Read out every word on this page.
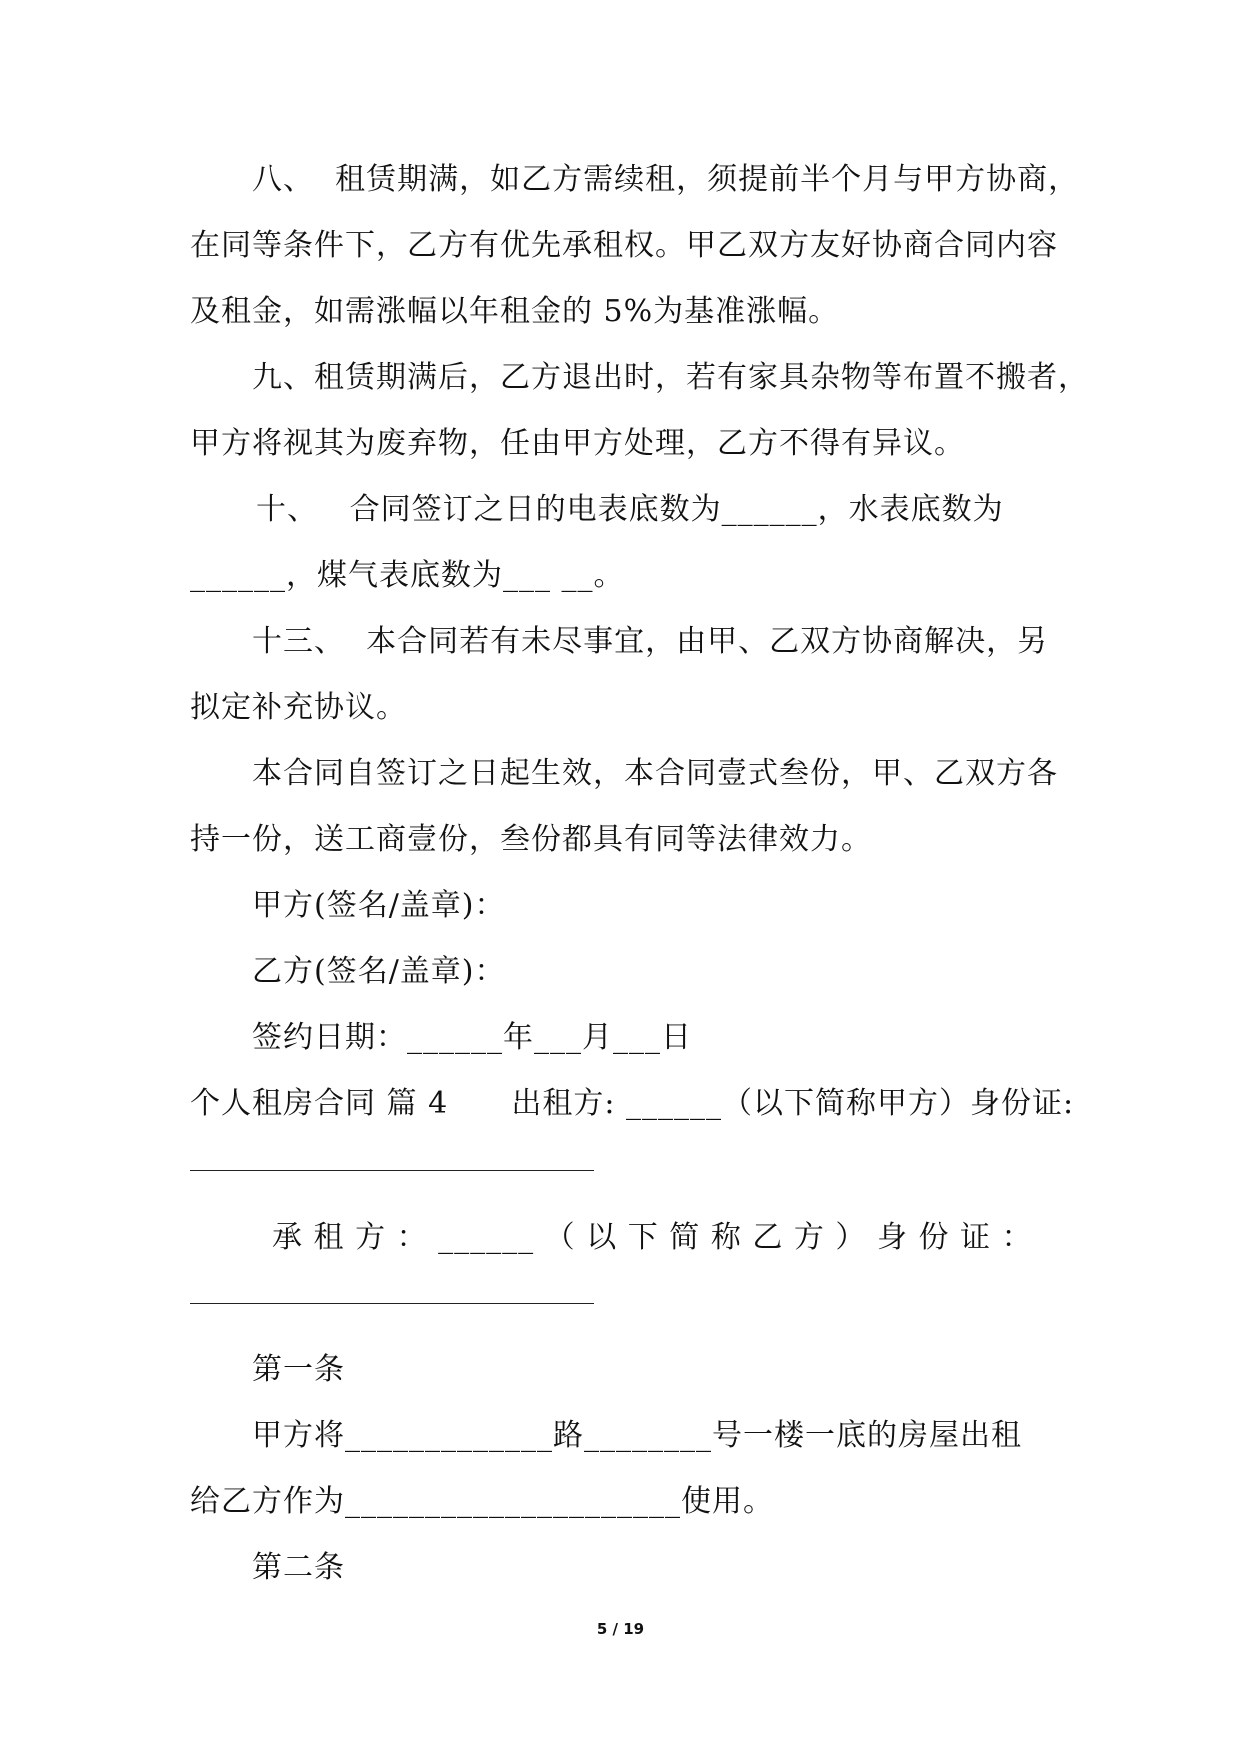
八、  租赁期满，如乙方需续租，须提前半个月与甲方协商，
在同等条件下，乙方有优先承租权。甲乙双方友好协商合同内容
及租金，如需涨幅以年租金的 5%为基准涨幅。
九、租赁期满后，乙方退出时，若有家具杂物等布置不搬者，
甲方将视其为废弃物，任由甲方处理，乙方不得有异议。
十、   合同签订之日的电表底数为______，水表底数为
______，煤气表底数为___ __。
十三、  本合同若有未尽事宜，由甲、乙双方协商解决，另
拟定补充协议。
本合同自签订之日起生效，本合同壹式叁份，甲、乙双方各
持一份，送工商壹份，叁份都具有同等法律效力。
甲方(签名/盖章)：
乙方(签名/盖章)：
签约日期：______年___月___日
个人租房合同 篇 4      出租方: ______（以下简称甲方）身份证:
承 租 方 ： ______ （ 以 下 简 称 乙 方 ） 身 份 证 ：
第一条
甲方将_____________路________号一楼一底的房屋出租
给乙方作为_____________________使用。
第二条
5 / 19
